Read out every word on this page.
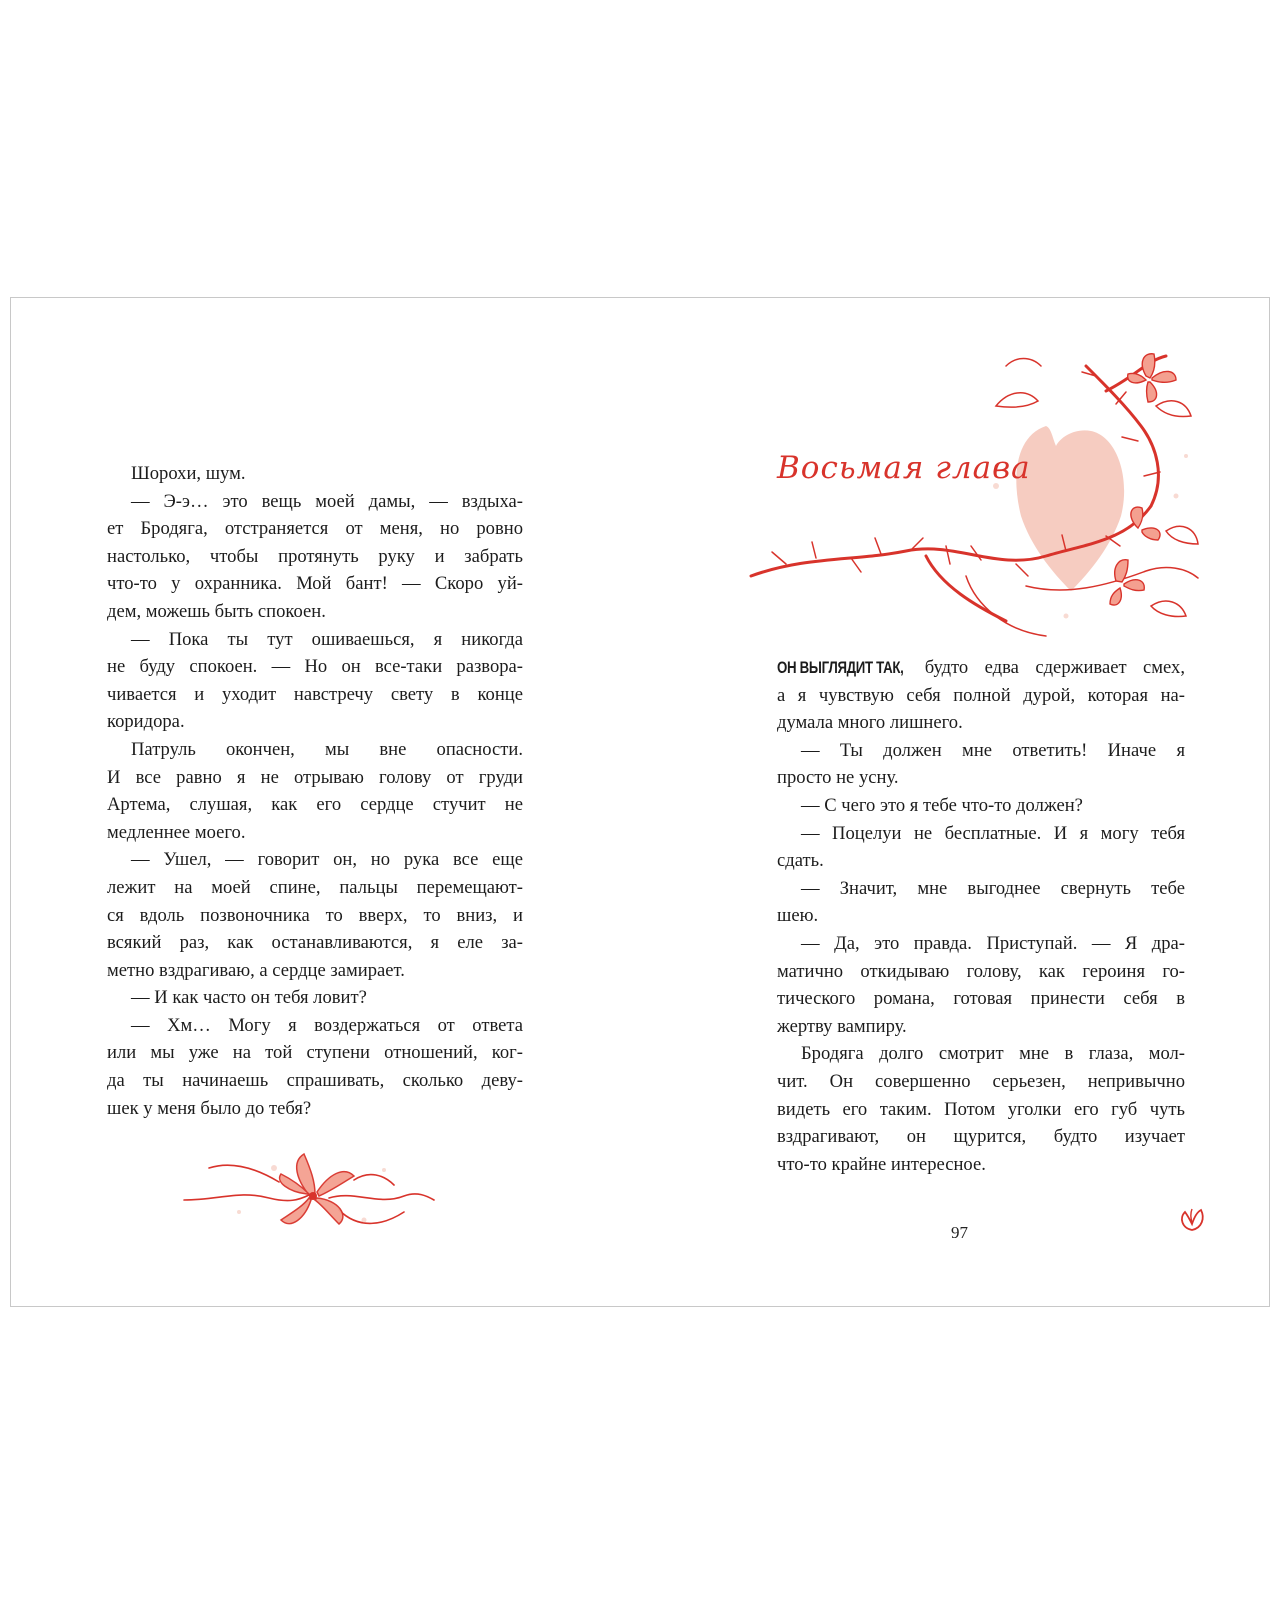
Шорохи, шум.
— Э-э… это вещь моей дамы, — вздыха-
ет Бродяга, отстраняется от меня, но ровно
настолько, чтобы протянуть руку и забрать
что-то у охранника. Мой бант! — Скоро уй-
дем, можешь быть спокоен.
— Пока ты тут ошиваешься, я никогда
не буду спокоен. — Но он все-таки развора-
чивается и уходит навстречу свету в конце
коридора.
Патруль окончен, мы вне опасности.
И все равно я не отрываю голову от груди
Артема, слушая, как его сердце стучит не
медленнее моего.
— Ушел, — говорит он, но рука все еще
лежит на моей спине, пальцы перемещают-
ся вдоль позвоночника то вверх, то вниз, и
всякий раз, как останавливаются, я еле за-
метно вздрагиваю, а сердце замирает.
— И как часто он тебя ловит?
— Хм… Могу я воздержаться от ответа
или мы уже на той ступени отношений, ког-
да ты начинаешь спрашивать, сколько деву-
шек у меня было до тебя?
Восьмая глава
ОН ВЫГЛЯДИТ ТАК, будто едва сдерживает смех,
а я чувствую себя полной дурой, которая на-
думала много лишнего.
— Ты должен мне ответить! Иначе я
просто не усну.
— С чего это я тебе что-то должен?
— Поцелуи не бесплатные. И я могу тебя
сдать.
— Значит, мне выгоднее свернуть тебе
шею.
— Да, это правда. Приступай. — Я дра-
матично откидываю голову, как героиня го-
тического романа, готовая принести себя в
жертву вампиру.
Бродяга долго смотрит мне в глаза, мол-
чит. Он совершенно серьезен, непривычно
видеть его таким. Потом уголки его губ чуть
вздрагивают, он щурится, будто изучает
что-то крайне интересное.
97
